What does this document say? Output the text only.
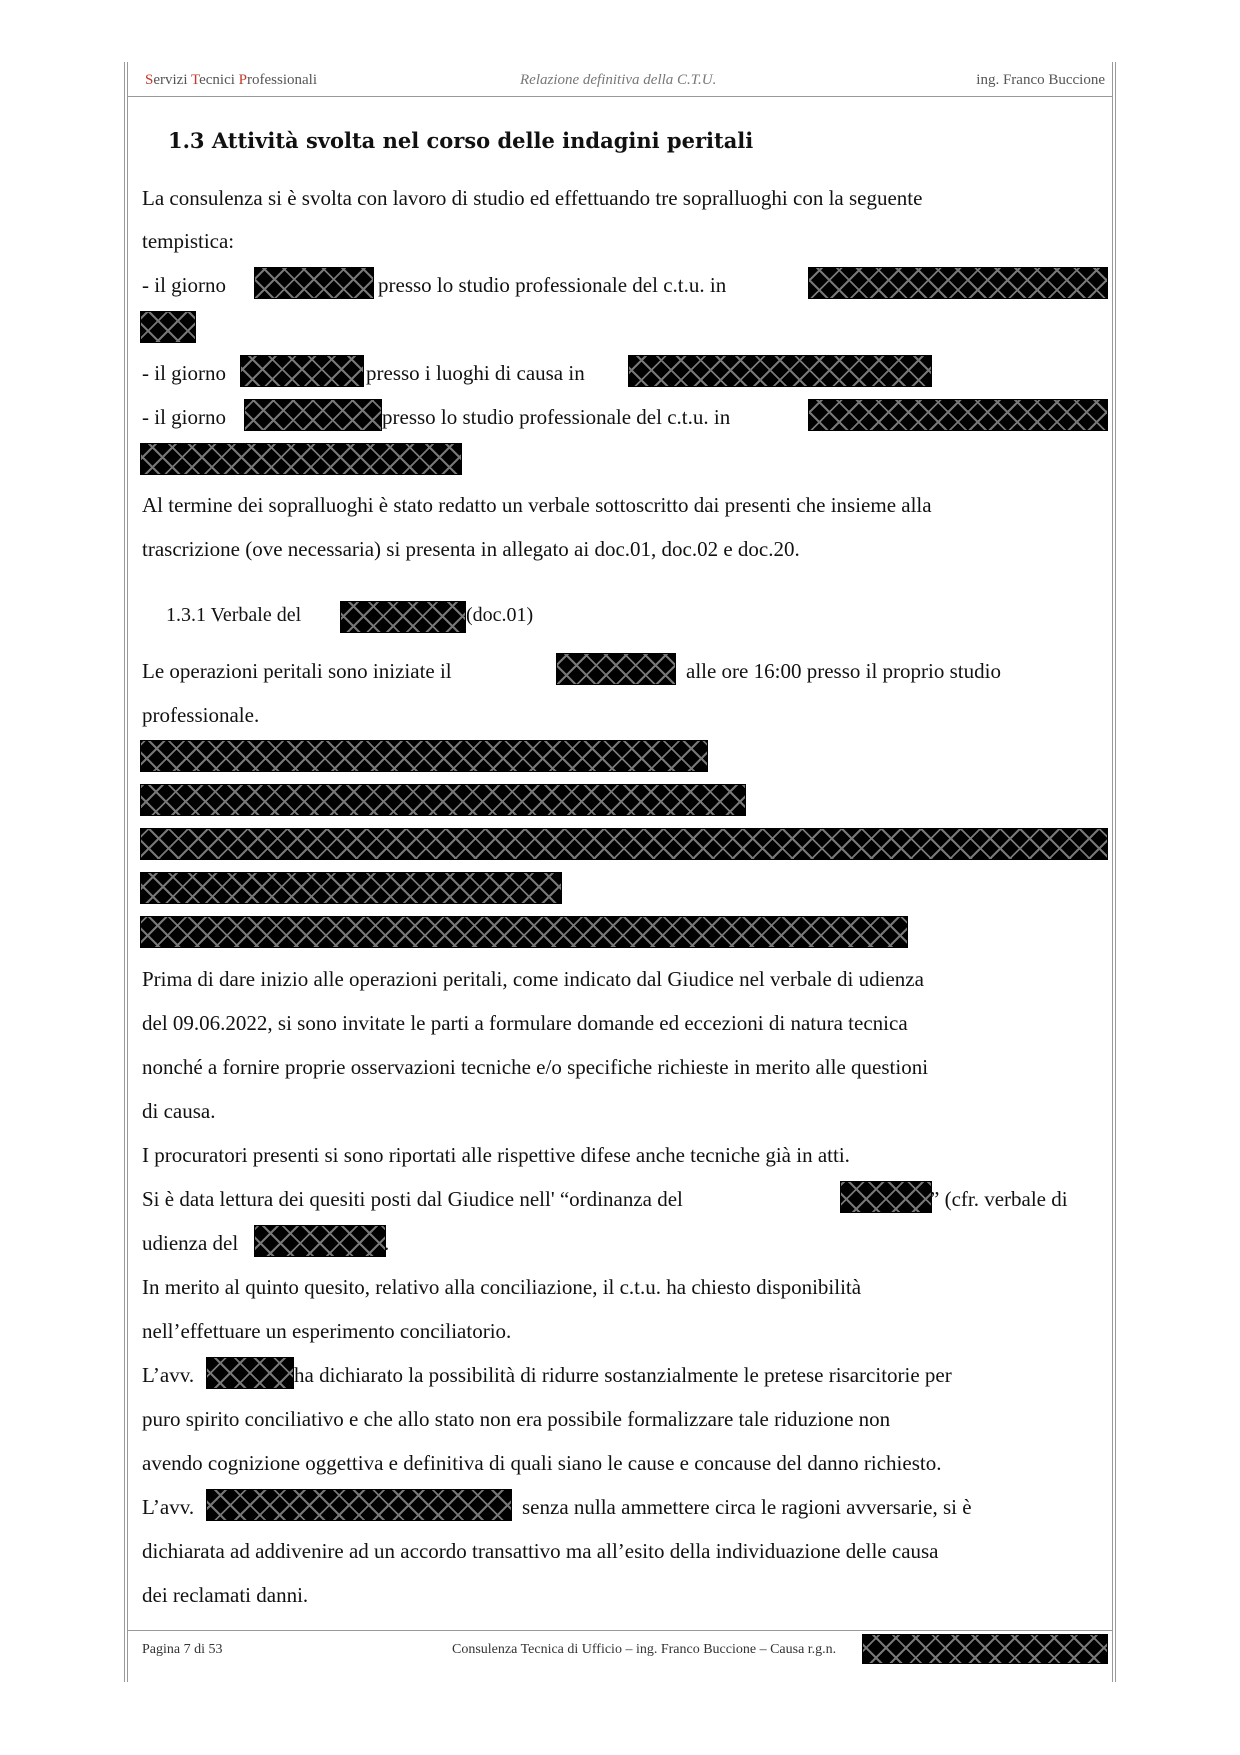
Servizi Tecnici Professionali	Relazione definitiva della C.T.U.	ing. Franco Buccione
1.3 Attività svolta nel corso delle indagini peritali
La consulenza si è svolta con lavoro di studio ed effettuando tre sopralluoghi con la seguente
tempistica:
- il giorno	presso lo studio professionale del c.t.u. in
- il giorno	presso i luoghi di causa in
- il giorno	presso lo studio professionale del c.t.u. in
Al termine dei sopralluoghi è stato redatto un verbale sottoscritto dai presenti che insieme alla
trascrizione (ove necessaria) si presenta in allegato ai doc.01, doc.02 e doc.20.
1.3.1 Verbale del	(doc.01)
Le operazioni peritali sono iniziate il	alle ore 16:00 presso il proprio studio
professionale.
Prima di dare inizio alle operazioni peritali, come indicato dal Giudice nel verbale di udienza
del 09.06.2022, si sono invitate le parti a formulare domande ed eccezioni di natura tecnica
nonché a fornire proprie osservazioni tecniche e/o specifiche richieste in merito alle questioni
di causa.
I procuratori presenti si sono riportati alle rispettive difese anche tecniche già in atti.
Si è data lettura dei quesiti posti dal Giudice nell' “ordinanza del	” (cfr. verbale di
udienza del	.
In merito al quinto quesito, relativo alla conciliazione, il c.t.u. ha chiesto disponibilità
nell’effettuare un esperimento conciliatorio.
L’avv.	ha dichiarato la possibilità di ridurre sostanzialmente le pretese risarcitorie per
puro spirito conciliativo e che allo stato non era possibile formalizzare tale riduzione non
avendo cognizione oggettiva e definitiva di quali siano le cause e concause del danno richiesto.
L’avv.	senza nulla ammettere circa le ragioni avversarie, si è
dichiarata ad addivenire ad un accordo transattivo ma all’esito della individuazione delle causa
dei reclamati danni.
Pagina 7 di 53	Consulenza Tecnica di Ufficio – ing. Franco Buccione – Causa r.g.n.
